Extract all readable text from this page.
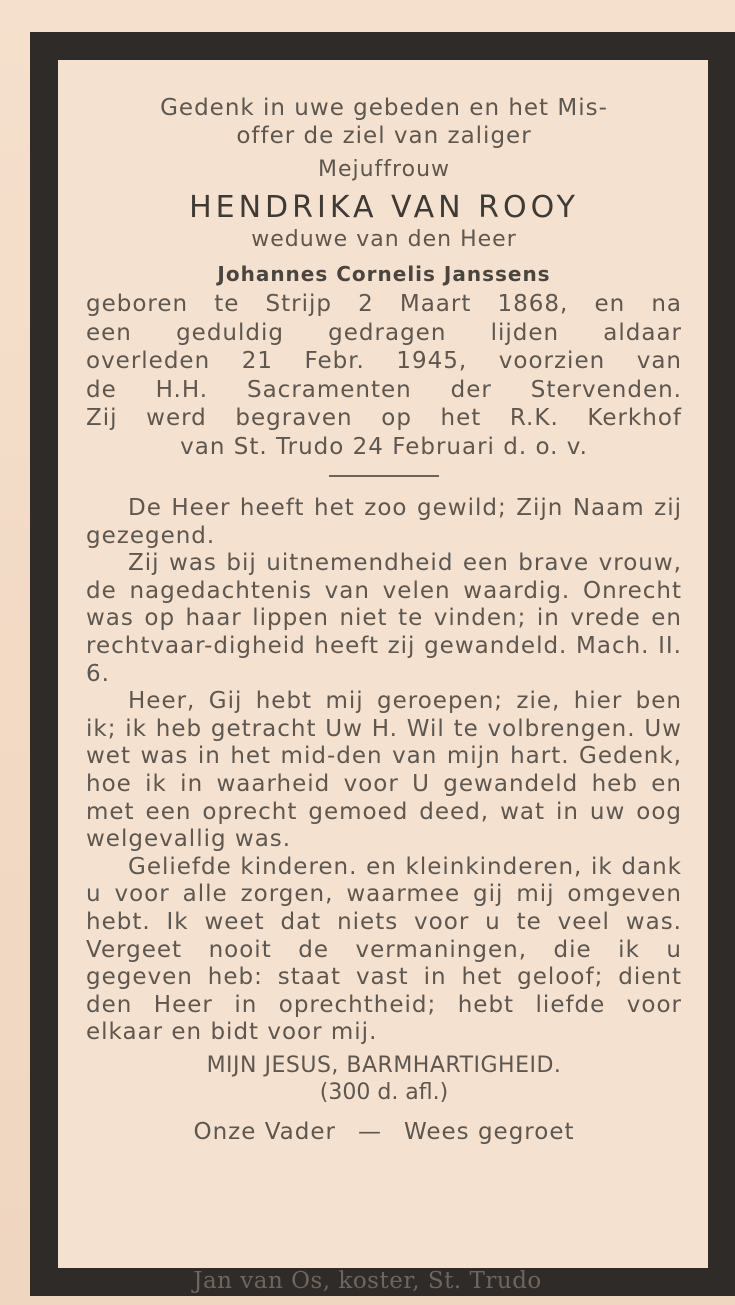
Gedenk in uwe gebeden en het Mis-

offer de ziel van zaliger

Mejuffrouw

HENDRIKA VAN ROOY

weduwe van den Heer

Johannes Cornelis Janssens

geboren te Strijp 2 Maart 1868, en na

een geduldig gedragen lijden aldaar

overleden 21 Febr. 1945, voorzien van

de H.H. Sacramenten der Stervenden.

Zij werd begraven op het R.K. Kerkhof

van St. Trudo 24 Februari d. o. v.

De Heer heeft het zoo gewild; Zijn Naam zij gezegend.

Zij was bij uitnemendheid een brave vrouw, de nagedachtenis van velen waardig. Onrecht was op haar lippen niet te vinden; in vrede en rechtvaar-digheid heeft zij gewandeld. Mach. II. 6.

Heer, Gij hebt mij geroepen; zie, hier ben ik; ik heb getracht Uw H. Wil te volbrengen. Uw wet was in het mid-den van mijn hart. Gedenk, hoe ik in waarheid voor U gewandeld heb en met een oprecht gemoed deed, wat in uw oog welgevallig was.

Geliefde kinderen. en kleinkinderen, ik dank u voor alle zorgen, waarmee gij mij omgeven hebt. Ik weet dat niets voor u te veel was. Vergeet nooit de vermaningen, die ik u gegeven heb: staat vast in het geloof; dient den Heer in oprechtheid; hebt liefde voor elkaar en bidt voor mij.

MIJN JESUS, BARMHARTIGHEID.

(300 d. afl.)

Onze Vader — Wees gegroet
Jan van Os, koster, St. Trudo
